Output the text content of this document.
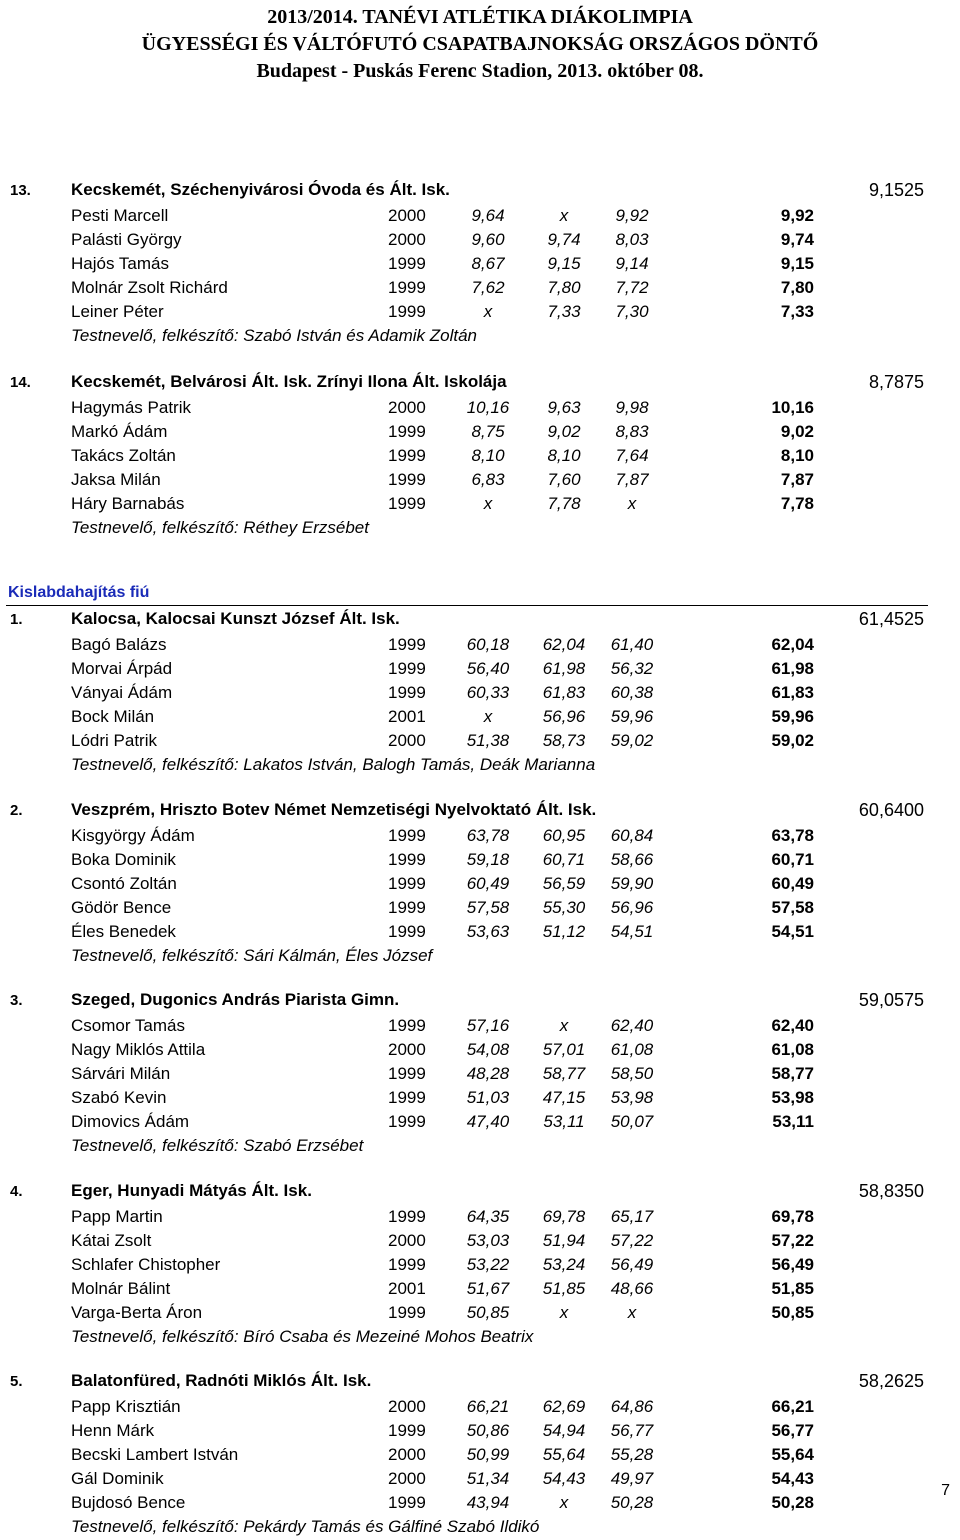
2013/2014. TANÉVI ATLÉTIKA DIÁKOLIMPIA
ÜGYESSÉGI ÉS VÁLTÓFUTÓ CSAPATBAJNOKSÁG ORSZÁGOS DÖNTŐ
Budapest - Puskás Ferenc Stadion, 2013. október 08.
Kislabdahajítás fiú
13. Kecskemét, Széchenyivárosi Óvoda és Ált. Isk.	9,1525
Pesti Marcell	2000	9,64	x	9,92	9,92
Palásti György	2000	9,60	9,74	8,03	9,74
Hajós Tamás	1999	8,67	9,15	9,14	9,15
Molnár Zsolt Richárd	1999	7,62	7,80	7,72	7,80
Leiner Péter	1999	x	7,33	7,30	7,33
Testnevelő, felkészítő: Szabó István és Adamik Zoltán
14. Kecskemét, Belvárosi Ált. Isk. Zrínyi Ilona Ált. Iskolája	8,7875
Hagymás Patrik	2000	10,16	9,63	9,98	10,16
Markó Ádám	1999	8,75	9,02	8,83	9,02
Takács Zoltán	1999	8,10	8,10	7,64	8,10
Jaksa Milán	1999	6,83	7,60	7,87	7,87
Háry Barnabás	1999	x	7,78	x	7,78
Testnevelő, felkészítő: Réthey Erzsébet
1.	Kalocsa, Kalocsai Kunszt József Ált. Isk.	61,4525
Bagó Balázs	1999	60,18	62,04	61,40	62,04
Morvai Árpád	1999	56,40	61,98	56,32	61,98
Ványai Ádám	1999	60,33	61,83	60,38	61,83
Bock Milán	2001	x	56,96	59,96	59,96
Lódri Patrik	2000	51,38	58,73	59,02	59,02
Testnevelő, felkészítő: Lakatos István, Balogh Tamás, Deák Marianna
2.	Veszprém, Hriszto Botev Német Nemzetiségi Nyelvoktató Ált. Isk.	60,6400
Kisgyörgy Ádám	1999	63,78	60,95	60,84	63,78
Boka Dominik	1999	59,18	60,71	58,66	60,71
Csontó Zoltán	1999	60,49	56,59	59,90	60,49
Gödör Bence	1999	57,58	55,30	56,96	57,58
Éles Benedek	1999	53,63	51,12	54,51	54,51
Testnevelő, felkészítő: Sári Kálmán, Éles József
3.	Szeged, Dugonics András Piarista Gimn.	59,0575
Csomor Tamás	1999	57,16	x	62,40	62,40
Nagy Miklós Attila	2000	54,08	57,01	61,08	61,08
Sárvári Milán	1999	48,28	58,77	58,50	58,77
Szabó Kevin	1999	51,03	47,15	53,98	53,98
Dimovics Ádám	1999	47,40	53,11	50,07	53,11
Testnevelő, felkészítő: Szabó Erzsébet
4.	Eger, Hunyadi Mátyás Ált. Isk.	58,8350
Papp Martin	1999	64,35	69,78	65,17	69,78
Kátai Zsolt	2000	53,03	51,94	57,22	57,22
Schlafer Chistopher	1999	53,22	53,24	56,49	56,49
Molnár Bálint	2001	51,67	51,85	48,66	51,85
Varga-Berta Áron	1999	50,85	x	x	50,85
Testnevelő, felkészítő: Bíró Csaba és Mezeiné Mohos Beatrix
5.	Balatonfüred, Radnóti Miklós Ált. Isk.	58,2625
Papp Krisztián	2000	66,21	62,69	64,86	66,21
Henn Márk	1999	50,86	54,94	56,77	56,77
Becski Lambert István	2000	50,99	55,64	55,28	55,64
Gál Dominik	2000	51,34	54,43	49,97	54,43
Bujdosó Bence	1999	43,94	x	50,28	50,28
Testnevelő, felkészítő: Pekárdy Tamás és Gálfiné Szabó Ildikó
7
